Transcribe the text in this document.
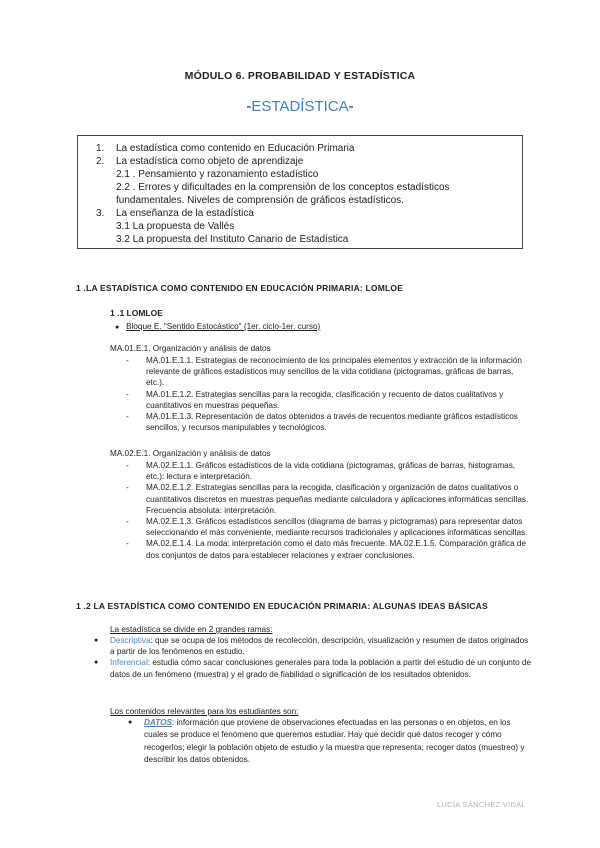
MÓDULO 6. PROBABILIDAD Y ESTADÍSTICA
-ESTADÍSTICA-
1.	La estadística como contenido en Educación Primaria
2.	La estadística como objeto de aprendizaje
2.1 . Pensamiento y razonamiento estadístico
2.2 . Errores y dificultades en la comprensión de los conceptos estadísticos fundamentales. Niveles de comprensión de gráficos estadísticos.
3.	La enseñanza de la estadística
3.1 La propuesta de Vallés
3.2 La propuesta del Instituto Canario de Estadística
1 .LA ESTADÍSTICA COMO CONTENIDO EN EDUCACIÓN PRIMARIA: LOMLOE
1 .1 LOMLOE
● Bloque E. "Sentido Estocástico" (1er. ciclo-1er. curso)
MA.01.E.1. Organización y análisis de datos
-	MA.01.E.1.1. Estrategias de reconocimiento de los principales elementos y extracción de la información relevante de gráficos estadísticos muy sencillos de la vida cotidiana (pictogramas, gráficas de barras, etc.).
-	MA.01.E.1.2. Estrategias sencillas para la recogida, clasificación y recuento de datos cualitativos y cuantitativos en muestras pequeñas.
-	MA.01.E.1.3. Representación de datos obtenidos a través de recuentos mediante gráficos estadísticos sencillos, y recursos manipulables y tecnológicos.
MA.02.E.1. Organización y análisis de datos
-	MA.02.E.1.1. Gráficos estadísticos de la vida cotidiana (pictogramas, gráficas de barras, histogramas, etc.): lectura e interpretación.
-	MA.02.E.1.2. Estrategias sencillas para la recogida, clasificación y organización de datos cualitativos o cuantitativos discretos en muestras pequeñas mediante calculadora y aplicaciones informáticas sencillas. Frecuencia absoluta: interpretación.
-	MA.02.E.1.3. Gráficos estadísticos sencillos (diagrama de barras y pictogramas) para representar datos seleccionando el más conveniente, mediante recursos tradicionales y aplicaciones informáticas sencillas.
-	MA.02.E.1.4. La moda: interpretación como el dato más frecuente. MA.02.E.1.5. Comparación gráfica de dos conjuntos de datos para establecer relaciones y extraer conclusiones.
1 .2 LA ESTADÍSTICA COMO CONTENIDO EN EDUCACIÓN PRIMARIA: ALGUNAS IDEAS BÁSICAS
La estadística se divide en 2 grandes ramas:
●	Descriptiva: que se ocupa de los métodos de recolección, descripción, visualización y resumen de datos originados a partir de los fenómenos en estudio.
●	Inferencial: estudia cómo sacar conclusiones generales para toda la población a partir del estudio de un conjunto de datos de un fenómeno (muestra) y el grado de fiabilidad o significación de los resultados obtenidos.
Los contenidos relevantes para los estudiantes son:
●	DATOS: información que proviene de observaciones efectuadas en las personas o en objetos, en los cuales se produce el fenómeno que queremos estudiar. Hay que decidir qué datos recoger y cómo recogerlos; elegir la población objeto de estudio y la muestra que representa; recoger datos (muestreo) y describir los datos obtenidos.
LUCÍA SÁNCHEZ VIDAL
